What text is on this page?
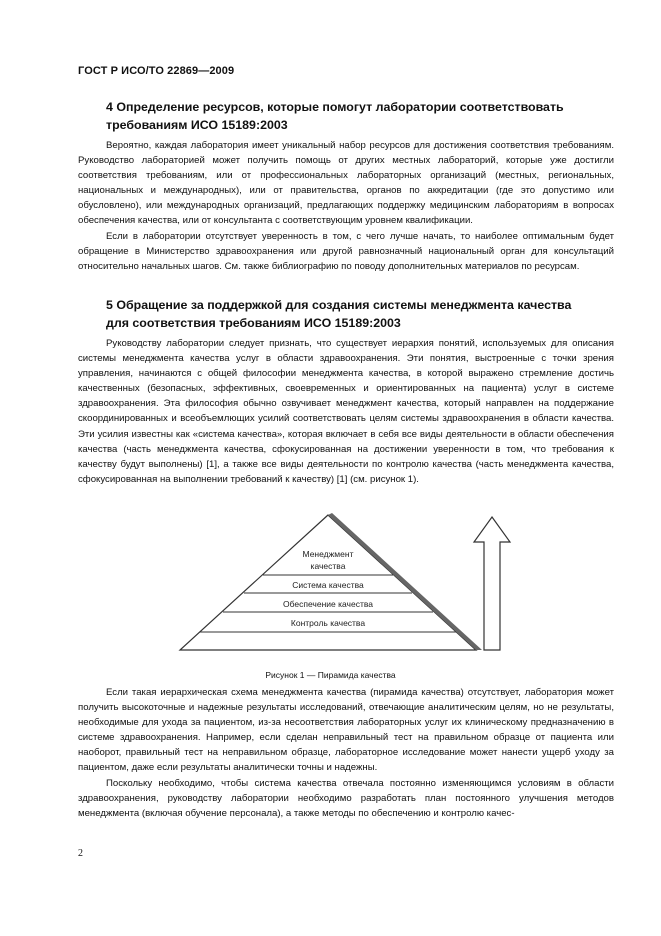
ГОСТ Р ИСО/ТО 22869—2009
4 Определение ресурсов, которые помогут лаборатории соответствовать
требованиям ИСО 15189:2003

Вероятно, каждая лаборатория имеет уникальный набор ресурсов для достижения соответствия требованиям. Руководство лабораторией может получить помощь от других местных лабораторий, которые уже достигли соответствия требованиям, или от профессиональных лабораторных организаций (местных, региональных, национальных и международных), или от правительства, органов по аккредитации (где это допустимо или обусловлено), или международных организаций, предлагающих поддержку медицинским лабораториям в вопросах обеспечения качества, или от консультанта с соответствующим уровнем квалификации.

Если в лаборатории отсутствует уверенность в том, с чего лучше начать, то наиболее оптимальным будет обращение в Министерство здравоохранения или другой равнозначный национальный орган для консультаций относительно начальных шагов. См. также библиографию по поводу дополнительных материалов по ресурсам.

5 Обращение за поддержкой для создания системы менеджмента качества
для соответствия требованиям ИСО 15189:2003

Руководству лаборатории следует признать, что существует иерархия понятий, используемых для описания системы менеджмента качества услуг в области здравоохранения. Эти понятия, выстроенные с точки зрения управления, начинаются с общей философии менеджмента качества, в которой выражено стремление достичь качественных (безопасных, эффективных, своевременных и ориентированных на пациента) услуг в системе здравоохранения. Эта философия обычно озвучивает менеджмент качества, который направлен на поддержание скоординированных и всеобъемлющих усилий соответствовать целям системы здравоохранения в области качества. Эти усилия известны как «система качества», которая включает в себя все виды деятельности в области обеспечения качества (часть менеджмента качества, сфокусированная на достижении уверенности в том, что требования к качеству будут выполнены) [1], а также все виды деятельности по контролю качества (часть менеджмента качества, сфокусированная на выполнении требований к качеству) [1] (см. рисунок 1).

Менеджмент
качества
Система качества
Обеспечение качества
Контроль качества
Рисунок 1 — Пирамида качества

Если такая иерархическая схема менеджмента качества (пирамида качества) отсутствует, лаборатория может получить высокоточные и надежные результаты исследований, отвечающие аналитическим целям, но не результаты, необходимые для ухода за пациентом, из-за несоответствия лабораторных услуг их клиническому предназначению в системе здравоохранения. Например, если сделан неправильный тест на правильном образце от пациента или наоборот, правильный тест на неправильном образце, лабораторное исследование может нанести ущерб уходу за пациентом, даже если результаты аналитически точны и надежны.

Поскольку необходимо, чтобы система качества отвечала постоянно изменяющимся условиям в области здравоохранения, руководству лаборатории необходимо разработать план постоянного улучшения методов менеджмента (включая обучение персонала), а также методы по обеспечению и контролю качес-

2
